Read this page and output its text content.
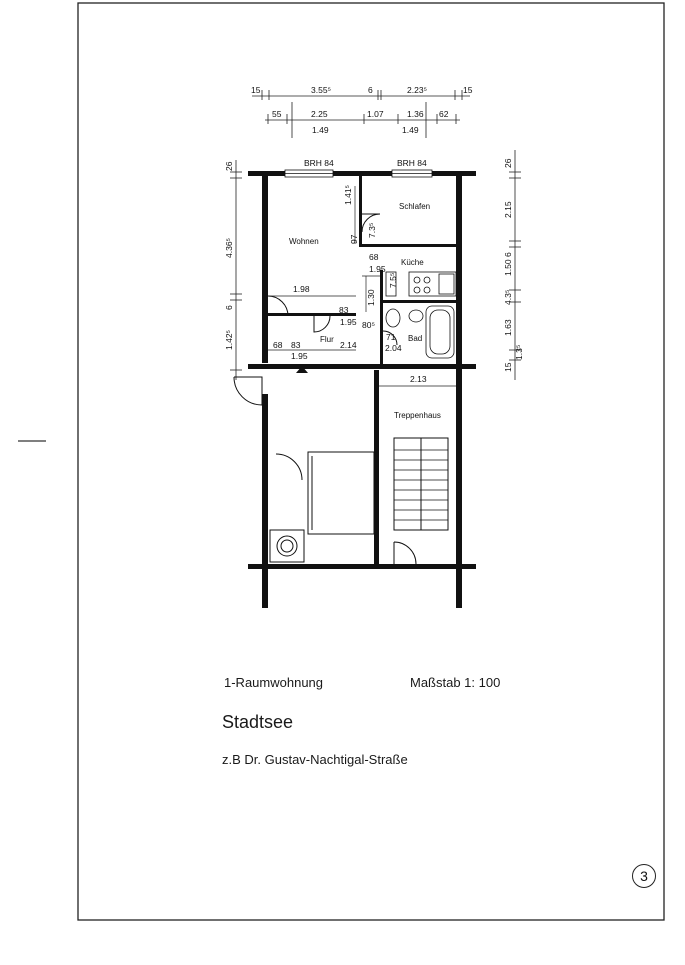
15	3.55⁵	6	2.23⁵	15
55	2.25	1.07	1.36 62
1.49	1.49
BRH 84	BRH 84
26
4.36⁵
6
1.42⁵
26
2.15
6
1.50
4.3⁵
1.63
15
1.3⁵
Wohnen
Schlafen
Küche
Flur	Bad
Treppenhaus
1.41⁵
97
7.3⁵
68
1.95
1.30
1.98
83
1.95 80⁵
71
2.04
68 83
1.95
2.14
2.13
7.5⁵
1-Raumwohnung	Maßstab 1: 100
Stadtsee
z.B Dr. Gustav-Nachtigal-Straße
3
